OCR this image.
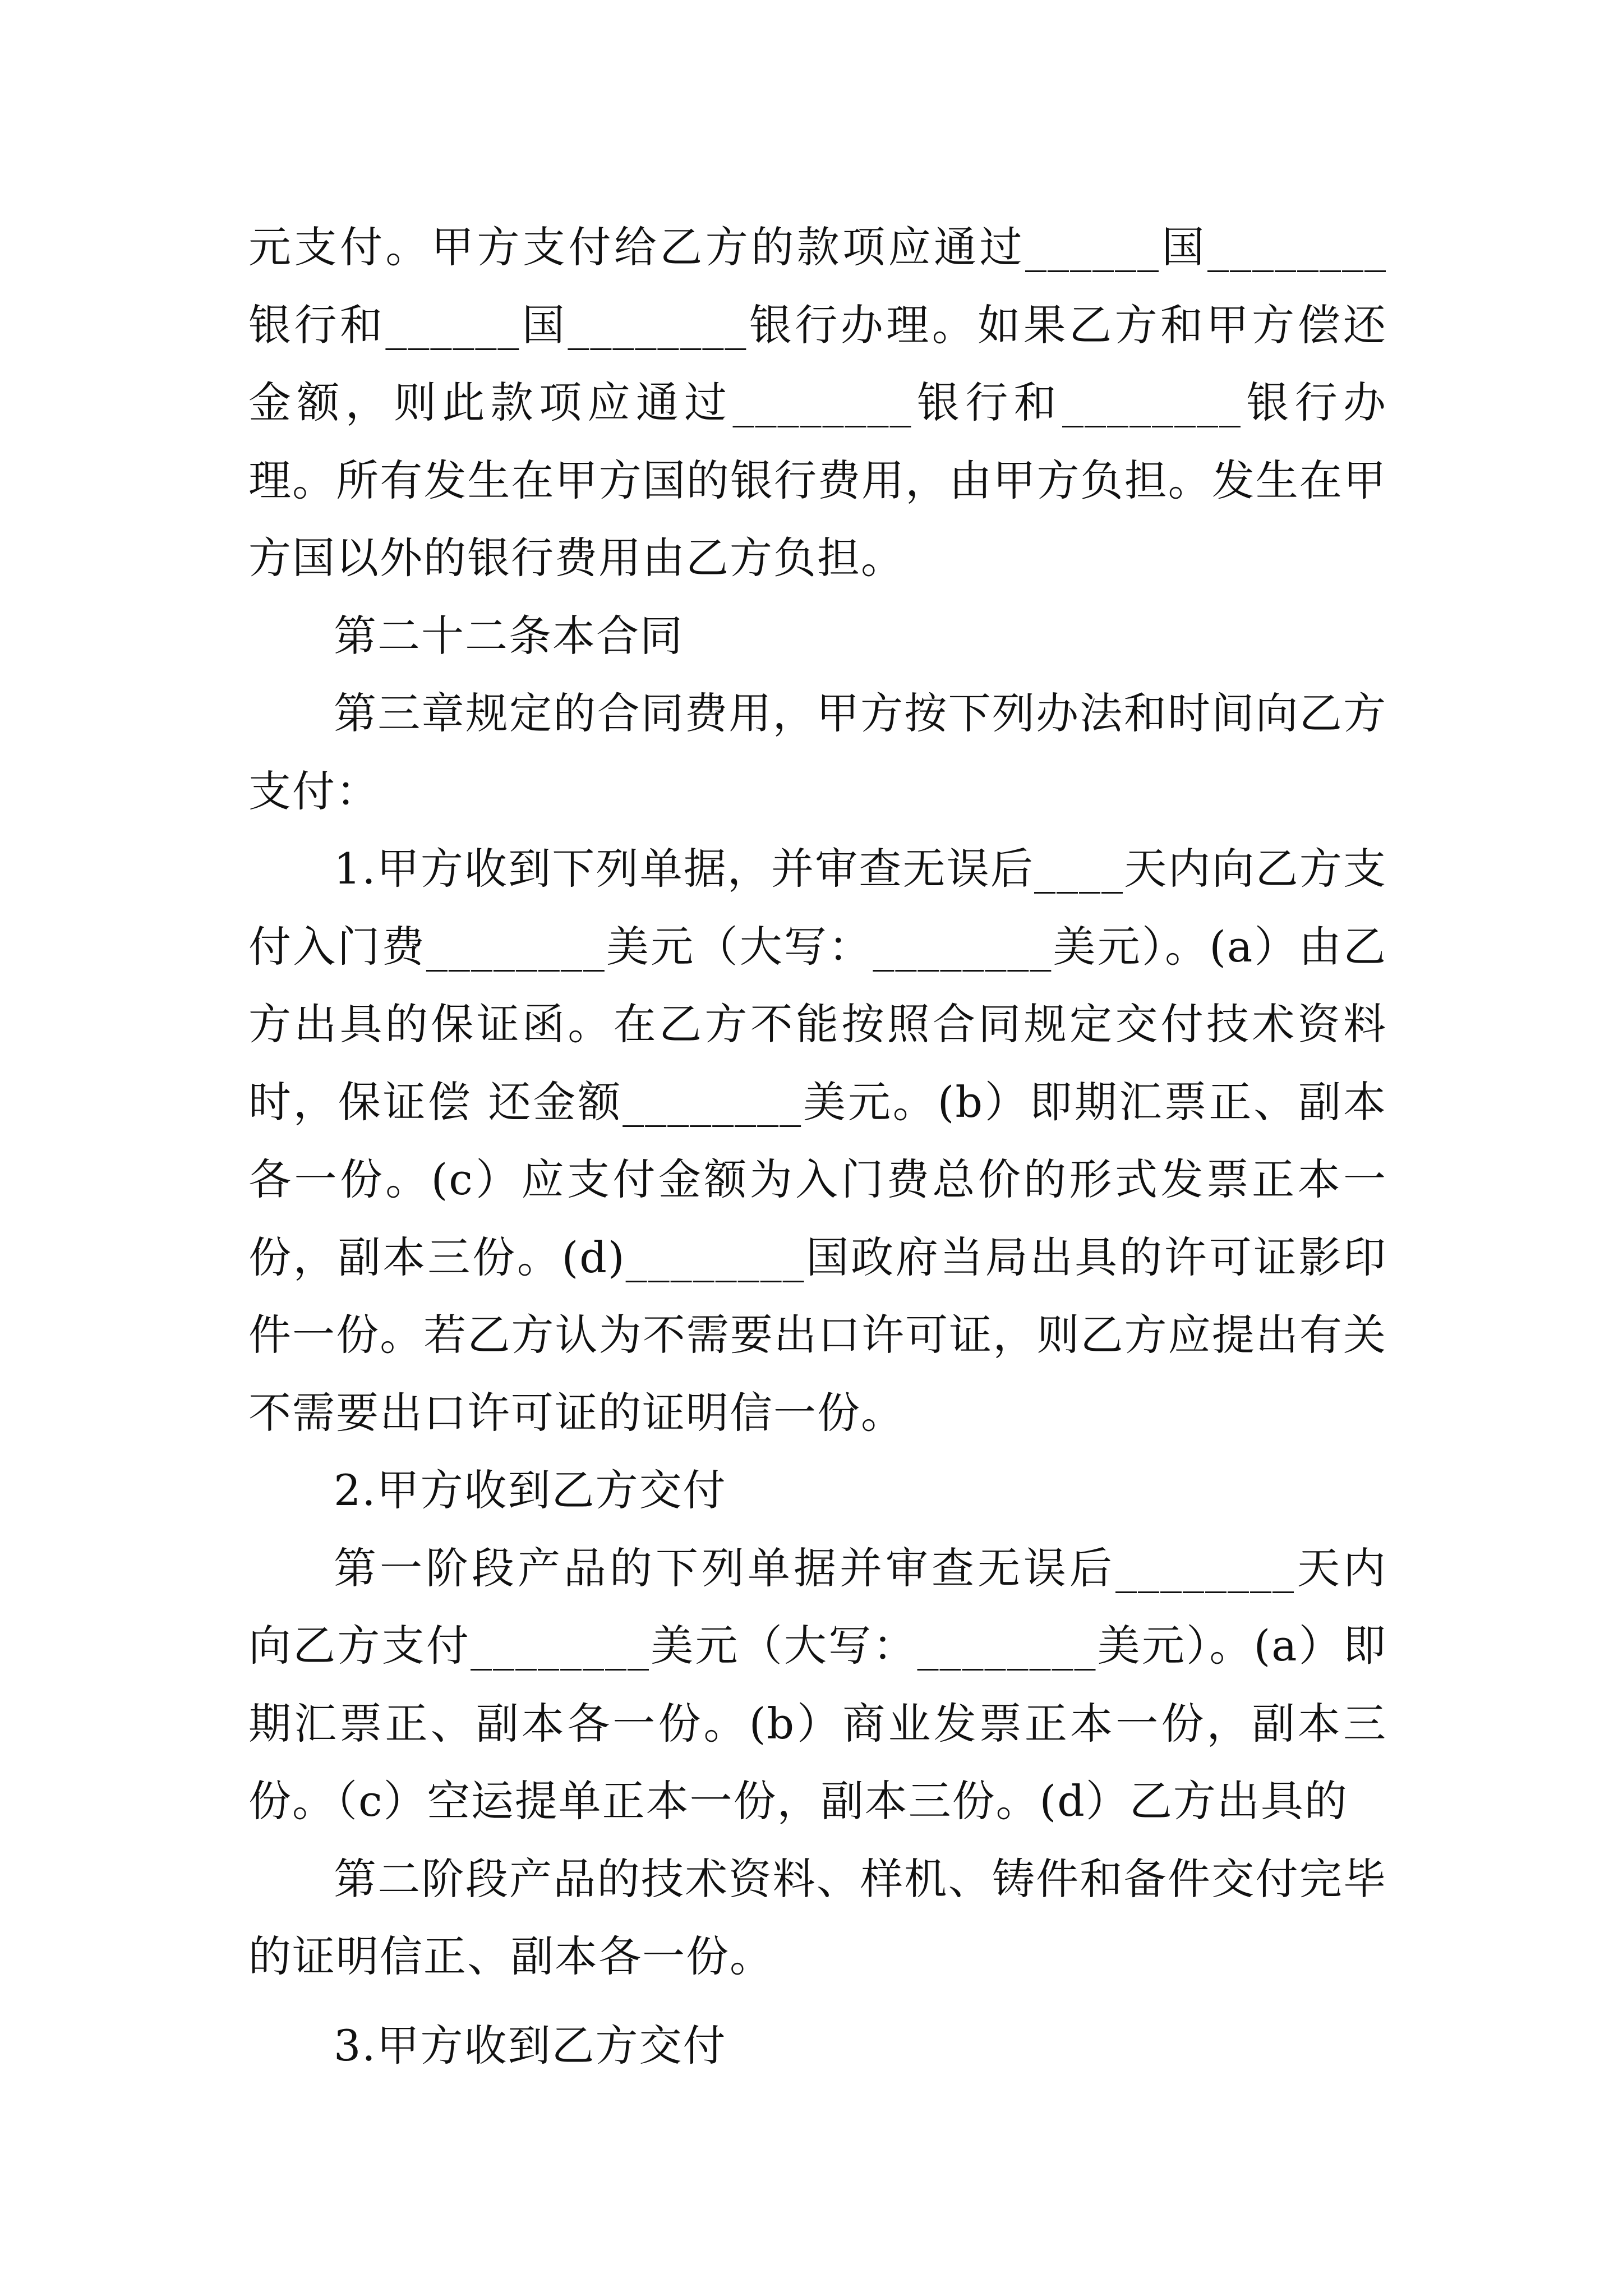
元支付。甲方支付给乙方的款项应通过______国________银行和______国________银行办理。如果乙方和甲方偿还金额，则此款项应通过________银行和________银行办理。所有发生在甲方国的银行费用，由甲方负担。发生在甲方国以外的银行费用由乙方负担。

第二十二条本合同

第三章规定的合同费用，甲方按下列办法和时间向乙方支付：

1.甲方收到下列单据，并审查无误后____天内向乙方支付入门费________美元（大写：________美元）。(a）由乙方出具的保证函。在乙方不能按照合同规定交付技术资料时，保证偿 还金额________美元。(b）即期汇票正、副本各一份。(c）应支付金额为入门费总价的形式发票正本一份，副本三份。(d)________国政府当局出具的许可证影印件一份。若乙方认为不需要出口许可证，则乙方应提出有关不需要出口许可证的证明信一份。

2.甲方收到乙方交付

第一阶段产品的下列单据并审查无误后________天内向乙方支付________美元（大写：________美元）。(a）即期汇票正、副本各一份。(b）商业发票正本一份，副本三份。（c）空运提单正本一份，副本三份。(d）乙方出具的

第二阶段产品的技术资料、样机、铸件和备件交付完毕的证明信正、副本各一份。

3.甲方收到乙方交付
